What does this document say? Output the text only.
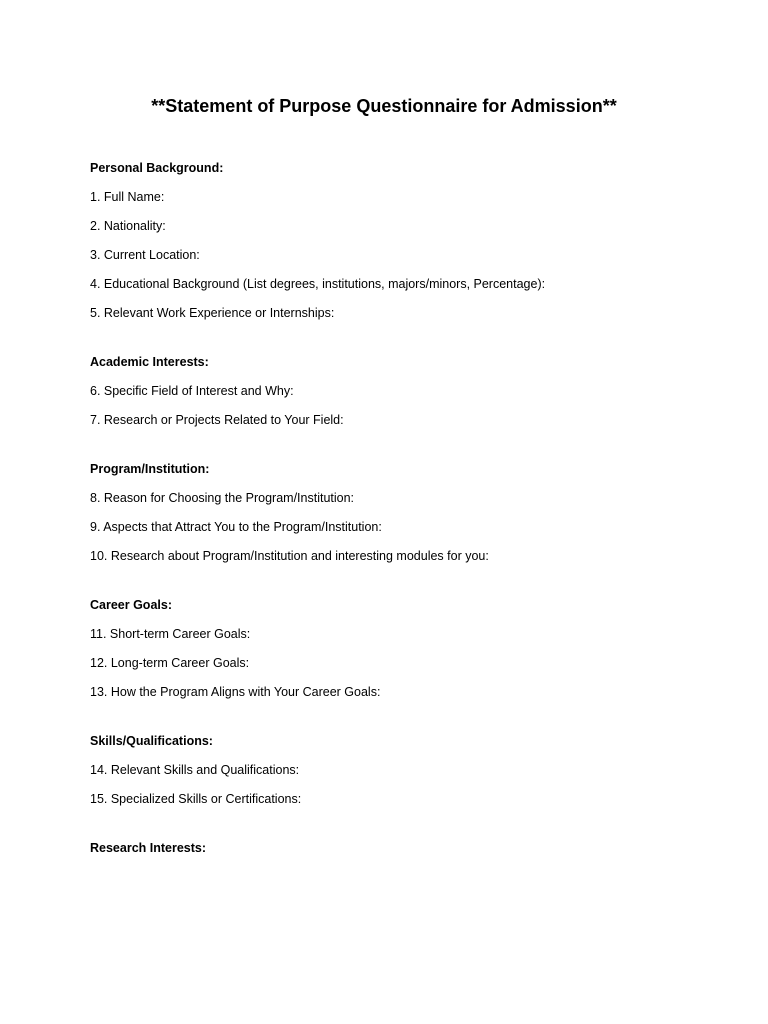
**Statement of Purpose Questionnaire for Admission**
Personal Background:
1. Full Name:
2. Nationality:
3. Current Location:
4. Educational Background (List degrees, institutions, majors/minors, Percentage):
5. Relevant Work Experience or Internships:
Academic Interests:
6. Specific Field of Interest and Why:
7. Research or Projects Related to Your Field:
Program/Institution:
8. Reason for Choosing the Program/Institution:
9. Aspects that Attract You to the Program/Institution:
10. Research about Program/Institution and interesting modules for you:
Career Goals:
11. Short-term Career Goals:
12. Long-term Career Goals:
13. How the Program Aligns with Your Career Goals:
Skills/Qualifications:
14. Relevant Skills and Qualifications:
15. Specialized Skills or Certifications:
Research Interests:
